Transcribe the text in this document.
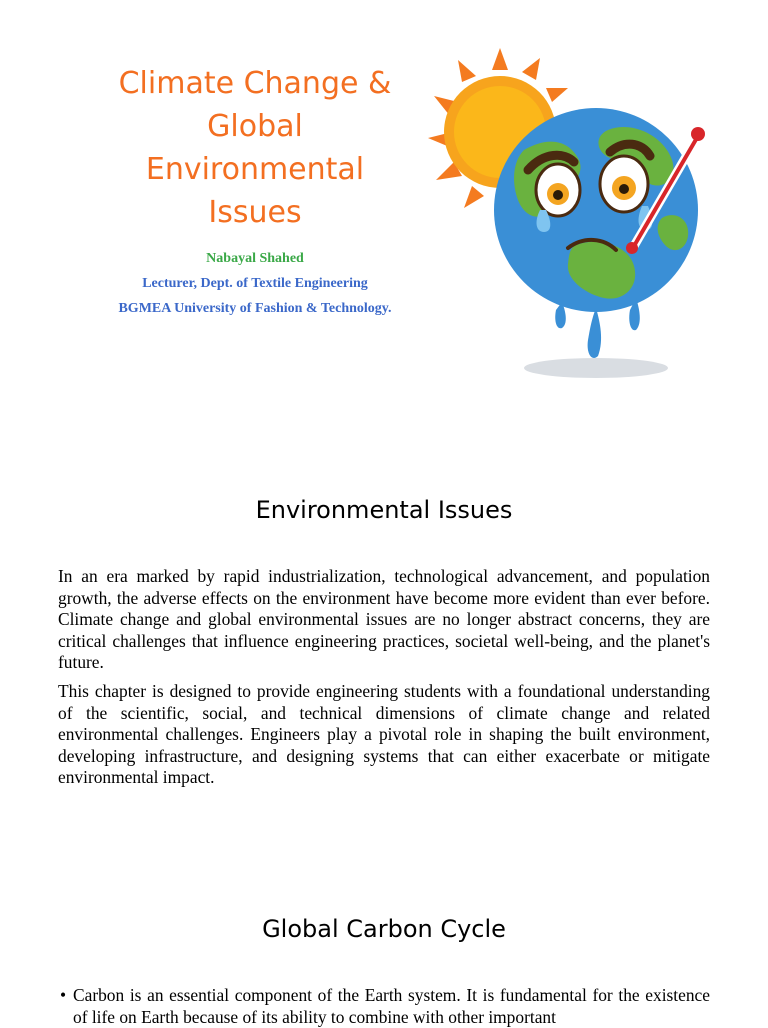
Climate Change &
Global
Environmental
Issues
Nabayal Shahed
Lecturer, Dept. of Textile Engineering
BGMEA University of Fashion & Technology.
Environmental Issues

In an era marked by rapid industrialization, technological advancement, and population growth, the adverse effects on the environment have become more evident than ever before. Climate change and global environmental issues are no longer abstract concerns, they are critical challenges that influence engineering practices, societal well-being, and the planet's future.

This chapter is designed to provide engineering students with a foundational understanding of the scientific, social, and technical dimensions of climate change and related environmental challenges. Engineers play a pivotal role in shaping the built environment, developing infrastructure, and designing systems that can either exacerbate or mitigate environmental impact.

Global Carbon Cycle
• Carbon is an essential component of the Earth system. It is fundamental for the existence of life on Earth because of its ability to combine with other important
